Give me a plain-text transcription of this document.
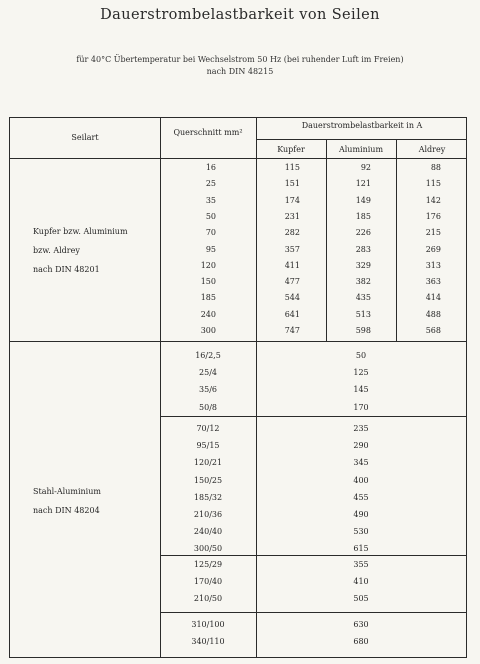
Dauerstrombelastbarkeit von Seilen
für 40°C Übertemperatur bei Wechselstrom 50 Hz (bei ruhender Luft im Freien)
nach DIN 48215
Seilart
Querschnitt mm²
Dauerstrombelastbarkeit in A
Kupfer	Aluminium	Aldrey
Kupfer bzw. Aluminium
bzw. Aldrey
nach DIN 48201
Stahl-Aluminium
nach DIN 48204
16	115	92	88
25	151	121	115
35	174	149	142
50	231	185	176
70	282	226	215
95	357	283	269
120	411	329	313
150	477	382	363
185	544	435	414
240	641	513	488
300	747	598	568
16/2,5	50
25/4	125
35/6	145
50/8	170
70/12	235
95/15	290
120/21	345
150/25	400
185/32	455
210/36	490
240/40	530
300/50	615
125/29	355
170/40	410
210/50	505
310/100	630
340/110	680
